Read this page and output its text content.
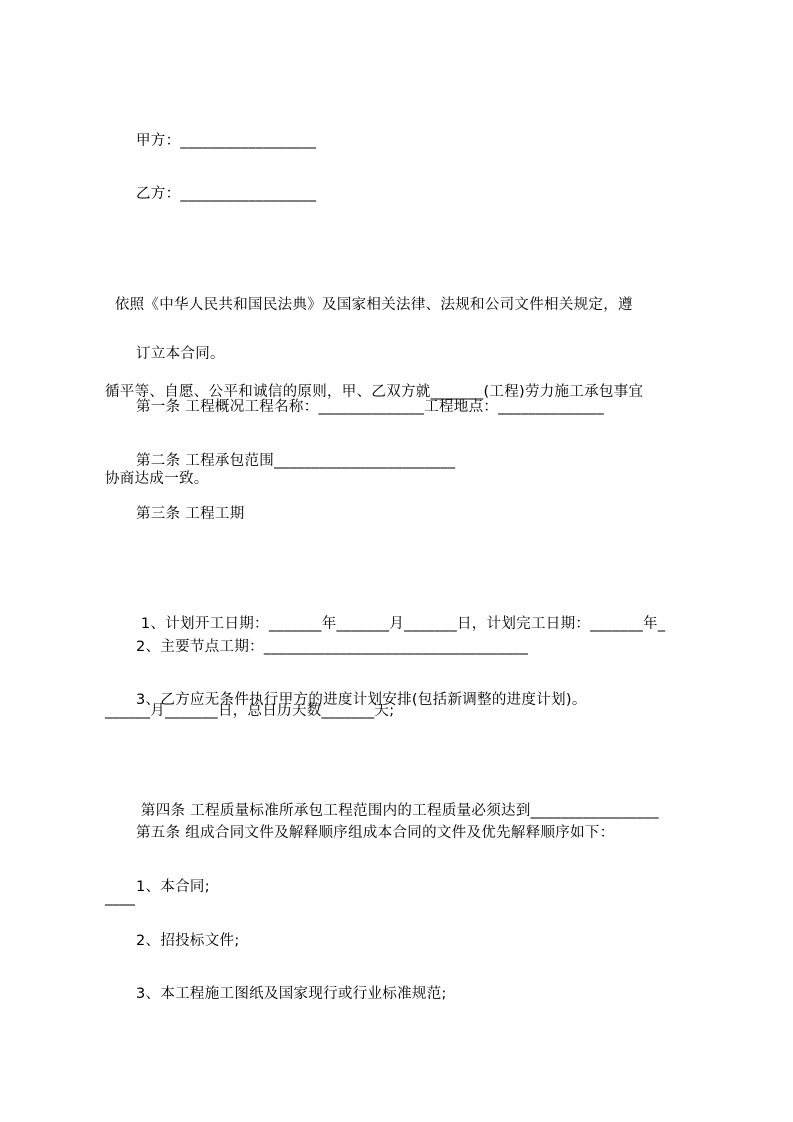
甲方：__________________
乙方：__________________

依照《中华人民共和国民法典》及国家相关法律、法规和公司文件相关规定，遵

循平等、自愿、公平和诚信的原则，甲、乙双方就_______(工程)劳力施工承包事宜

协商达成一致。

订立本合同。
第一条 工程概况工程名称：______________工程地点：______________
第二条 工程承包范围________________________
第三条 工程工期

1、计划开工日期：_______年_______月_______日，计划完工日期：_______年_

______月_______日，总日历天数_______天;

2、主要节点工期：___________________________________
3、乙方应无条件执行甲方的进度计划安排(包括新调整的进度计划)。

第四条 工程质量标准所承包工程范围内的工程质量必须达到_________________

____

第五条 组成合同文件及解释顺序组成本合同的文件及优先解释顺序如下：
1、本合同;
2、招投标文件;
3、本工程施工图纸及国家现行或行业标准规范;
